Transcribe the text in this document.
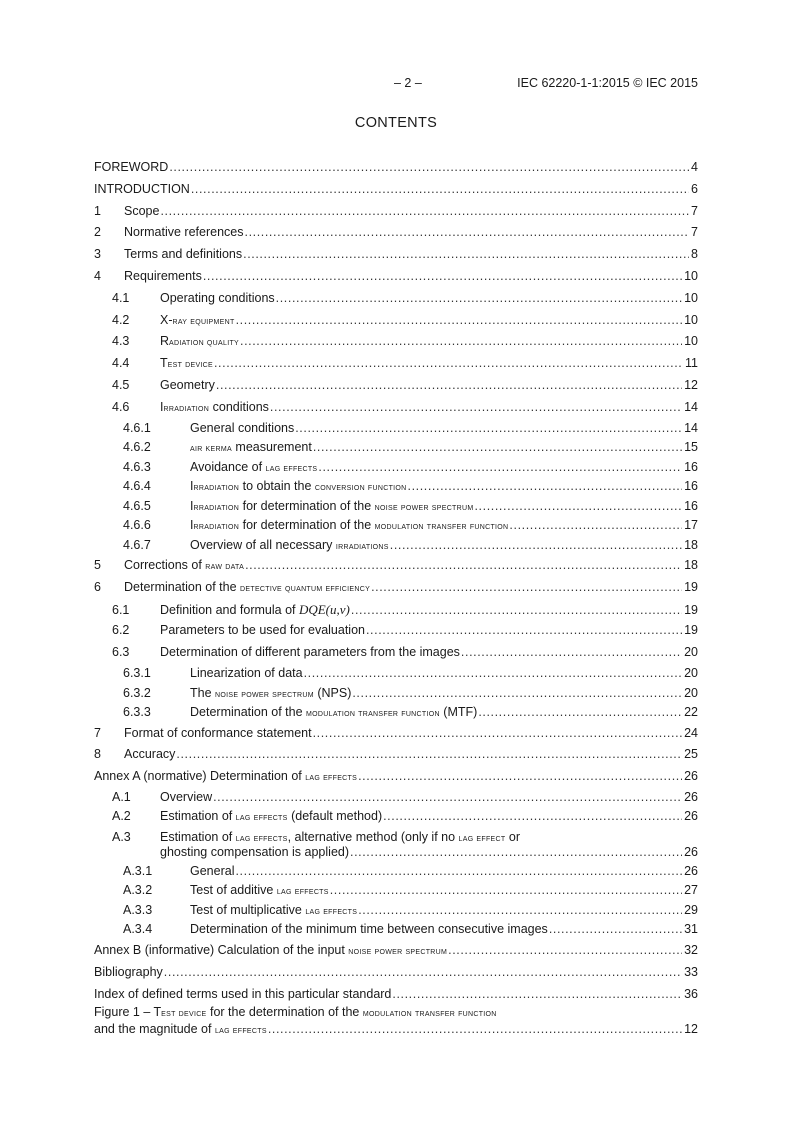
– 2 –	IEC 62220-1-1:2015 © IEC 2015
CONTENTS
FOREWORD .....	4
INTRODUCTION .....	6
1	Scope .....	7
2	Normative references .....	7
3	Terms and definitions .....	8
4	Requirements .....	10
4.1	Operating conditions .....	10
4.2	X-ray equipment .....	10
4.3	Radiation quality .....	10
4.4	Test device .....	11
4.5	Geometry .....	12
4.6	Irradiation conditions .....	14
4.6.1	General conditions .....	14
4.6.2	air kerma measurement .....	15
4.6.3	Avoidance of lag effects .....	16
4.6.4	Irradiation to obtain the conversion function .....	16
4.6.5	Irradiation for determination of the noise power spectrum .....	16
4.6.6	Irradiation for determination of the modulation transfer function .....	17
4.6.7	Overview of all necessary irradiations .....	18
5	Corrections of raw data .....	18
6	Determination of the detective quantum efficiency .....	19
6.1	Definition and formula of DQE(u,v) .....	19
6.2	Parameters to be used for evaluation .....	19
6.3	Determination of different parameters from the images .....	20
6.3.1	Linearization of data .....	20
6.3.2	The noise power spectrum (NPS) .....	20
6.3.3	Determination of the modulation transfer function (MTF) .....	22
7	Format of conformance statement .....	24
8	Accuracy .....	25
Annex A (normative) Determination of lag effects .....	26
A.1	Overview .....	26
A.2	Estimation of lag effects (default method) .....	26
A.3	Estimation of lag effects, alternative method (only if no lag effect or
ghosting compensation is applied) .....	26
A.3.1	General .....	26
A.3.2	Test of additive lag effects .....	27
A.3.3	Test of multiplicative lag effects .....	29
A.3.4	Determination of the minimum time between consecutive images .....	31
Annex B (informative) Calculation of the input noise power spectrum .....	32
Bibliography .....	33
Index of defined terms used in this particular standard .....	36
Figure 1 – Test device for the determination of the modulation transfer function
and the magnitude of lag effects .....	12
